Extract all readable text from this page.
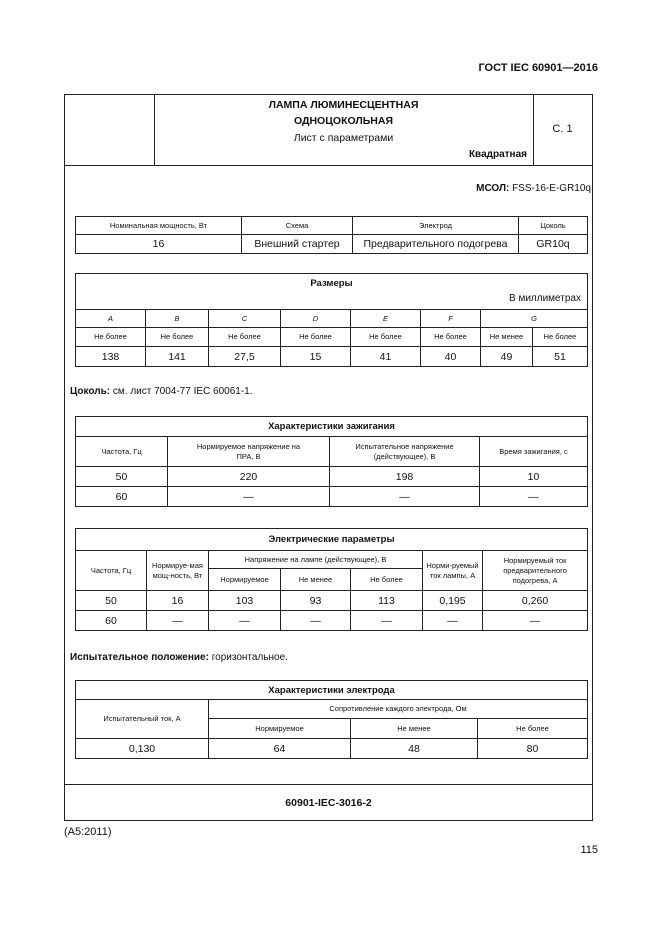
ГОСТ IEC 60901—2016
ЛАМПА ЛЮМИНЕСЦЕНТНАЯ
ОДНОЦОКОЛЬНАЯ
Лист с параметрами
Квадратная
С. 1
60901-IEC-3016-2
МСОЛ: FSS-16-E-GR10q
Номинальная мощность, Вт	Схема	Электрод	Цоколь
16	Внешний стартер	Предварительного подогрева	GR10q
Размеры
В миллиметрах							

A	B	C	D	E	F	G	
Не более	Не более	Не более	Не более	Не более	Не более	Не менее	Не более
138	141	27,5	15	41	40	49	51
Цоколь: см. лист 7004-77 IEC 60061-1.
Характеристики зажигания			
Частота, Гц	Нормируемое напряжение на ПРА, В	Испытательное напряжение (действующее), В	Время зажигания, с
50	220	198	10
60	—	—	—
Электрические параметры						
Частота, Гц	Нормируе-мая мощ-ность, Вт	Напряжение на лампе (действующее), В			Норми-руемый ток лампы, А	Нормируемый ток предварительного подогрева, А
		Нормируемое	Не менее	Не более		
50	16	103	93	113	0,195	0,260
60	—	—	—	—	—	—
Испытательное положение: горизонтальное.
Характеристики электрода			
Испытательный ток, А	Сопротивление каждого электрода, Ом		
	Нормируемое	Не менее	Не более
0,130	64	48	80
(A5:2011)
115
